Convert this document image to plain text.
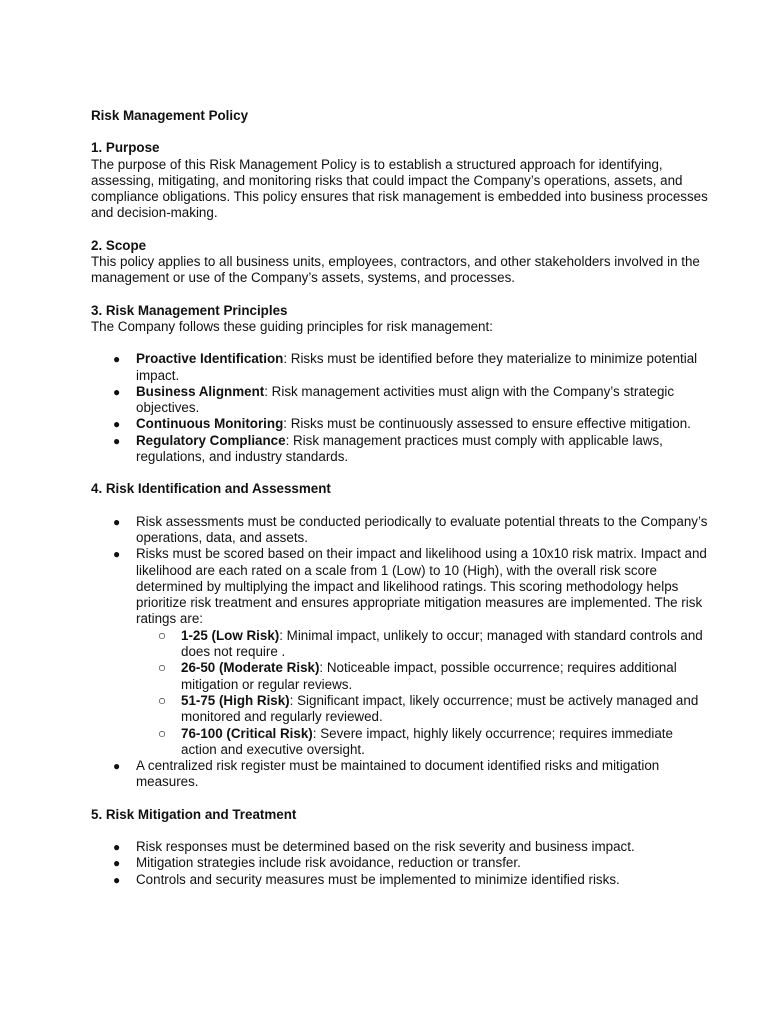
Risk Management Policy
1. Purpose

The purpose of this Risk Management Policy is to establish a structured approach for identifying, assessing, mitigating, and monitoring risks that could impact the Company’s operations, assets, and compliance obligations. This policy ensures that risk management is embedded into business processes and decision-making.

2. Scope

This policy applies to all business units, employees, contractors, and other stakeholders involved in the management or use of the Company’s assets, systems, and processes.

3. Risk Management Principles

The Company follows these guiding principles for risk management:

● Proactive Identification: Risks must be identified before they materialize to minimize potential impact.
● Business Alignment: Risk management activities must align with the Company’s strategic objectives.
● Continuous Monitoring: Risks must be continuously assessed to ensure effective mitigation.
● Regulatory Compliance: Risk management practices must comply with applicable laws, regulations, and industry standards.
4. Risk Identification and Assessment
● Risk assessments must be conducted periodically to evaluate potential threats to the Company’s operations, data, and assets.
● Risks must be scored based on their impact and likelihood using a 10x10 risk matrix. Impact and likelihood are each rated on a scale from 1 (Low) to 10 (High), with the overall risk score determined by multiplying the impact and likelihood ratings. This scoring methodology helps prioritize risk treatment and ensures appropriate mitigation measures are implemented. The risk ratings are:
○ 1-25 (Low Risk): Minimal impact, unlikely to occur; managed with standard controls and does not require .
○ 26-50 (Moderate Risk): Noticeable impact, possible occurrence; requires additional mitigation or regular reviews.
○ 51-75 (High Risk): Significant impact, likely occurrence; must be actively managed and monitored and regularly reviewed.
○ 76-100 (Critical Risk): Severe impact, highly likely occurrence; requires immediate action and executive oversight.
● A centralized risk register must be maintained to document identified risks and mitigation measures.
5. Risk Mitigation and Treatment
● Risk responses must be determined based on the risk severity and business impact.
● Mitigation strategies include risk avoidance, reduction or transfer.
● Controls and security measures must be implemented to minimize identified risks.
